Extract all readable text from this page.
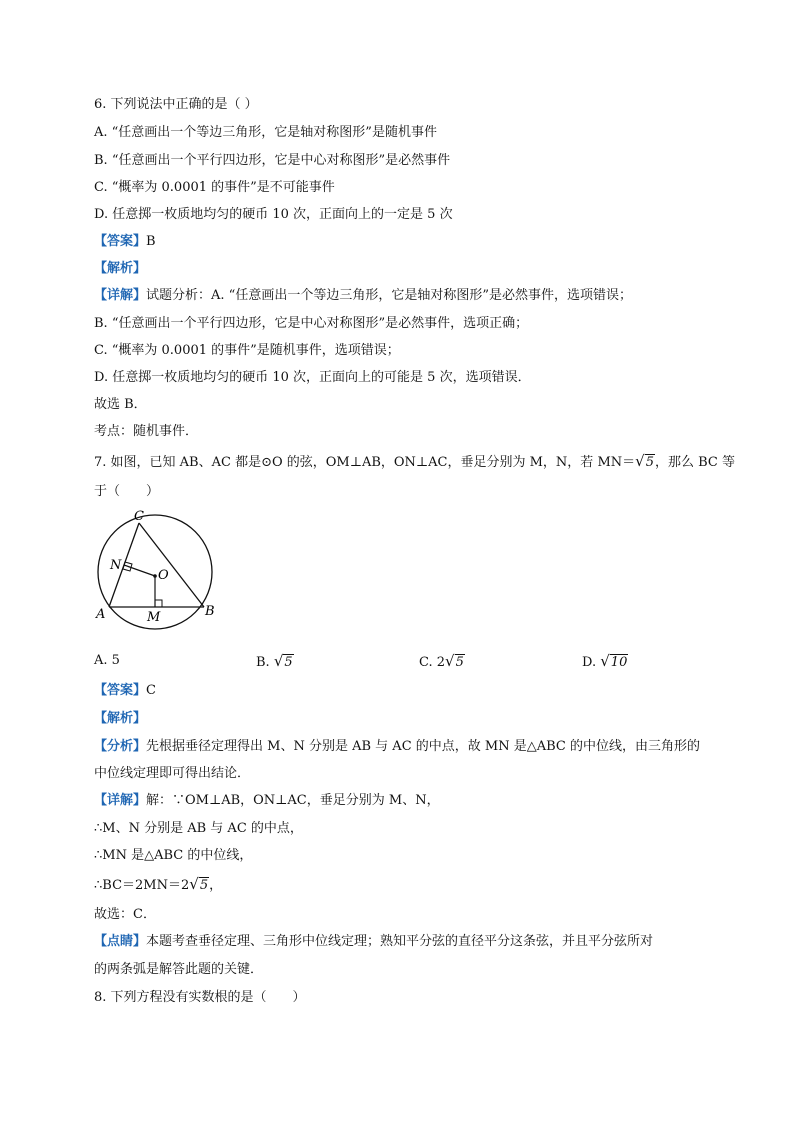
6. 下列说法中正确的是（ ）
A. “任意画出一个等边三角形，它是轴对称图形”是随机事件
B. “任意画出一个平行四边形，它是中心对称图形”是必然事件
C. “概率为 0.0001 的事件”是不可能事件
D. 任意掷一枚质地均匀的硬币 10 次，正面向上的一定是 5 次
【答案】B
【解析】
【详解】试题分析：A. “任意画出一个等边三角形，它是轴对称图形”是必然事件，选项错误；
B. “任意画出一个平行四边形，它是中心对称图形”是必然事件，选项正确；
C. “概率为 0.0001 的事件”是随机事件，选项错误；
D. 任意掷一枚质地均匀的硬币 10 次，正面向上的可能是 5 次，选项错误．
故选 B．
考点：随机事件．
7. 如图，已知 AB、AC 都是⊙O 的弦，OM⊥AB，ON⊥AC，垂足分别为 M，N，若 MN＝√5，那么 BC 等
于（　　）
C
N
O
A	M	B
A. 5	B. √5	C. 2√5	D. √10
【答案】C
【解析】
【分析】先根据垂径定理得出 M、N 分别是 AB 与 AC 的中点，故 MN 是△ABC 的中位线，由三角形的
中位线定理即可得出结论．
【详解】解：∵OM⊥AB，ON⊥AC，垂足分别为 M、N，
∴M、N 分别是 AB 与 AC 的中点，
∴MN 是△ABC 的中位线，
∴BC＝2MN＝2√5，
故选：C．
【点睛】本题考查垂径定理、三角形中位线定理；熟知平分弦的直径平分这条弦，并且平分弦所对
的两条弧是解答此题的关键．
8. 下列方程没有实数根的是（　　）
